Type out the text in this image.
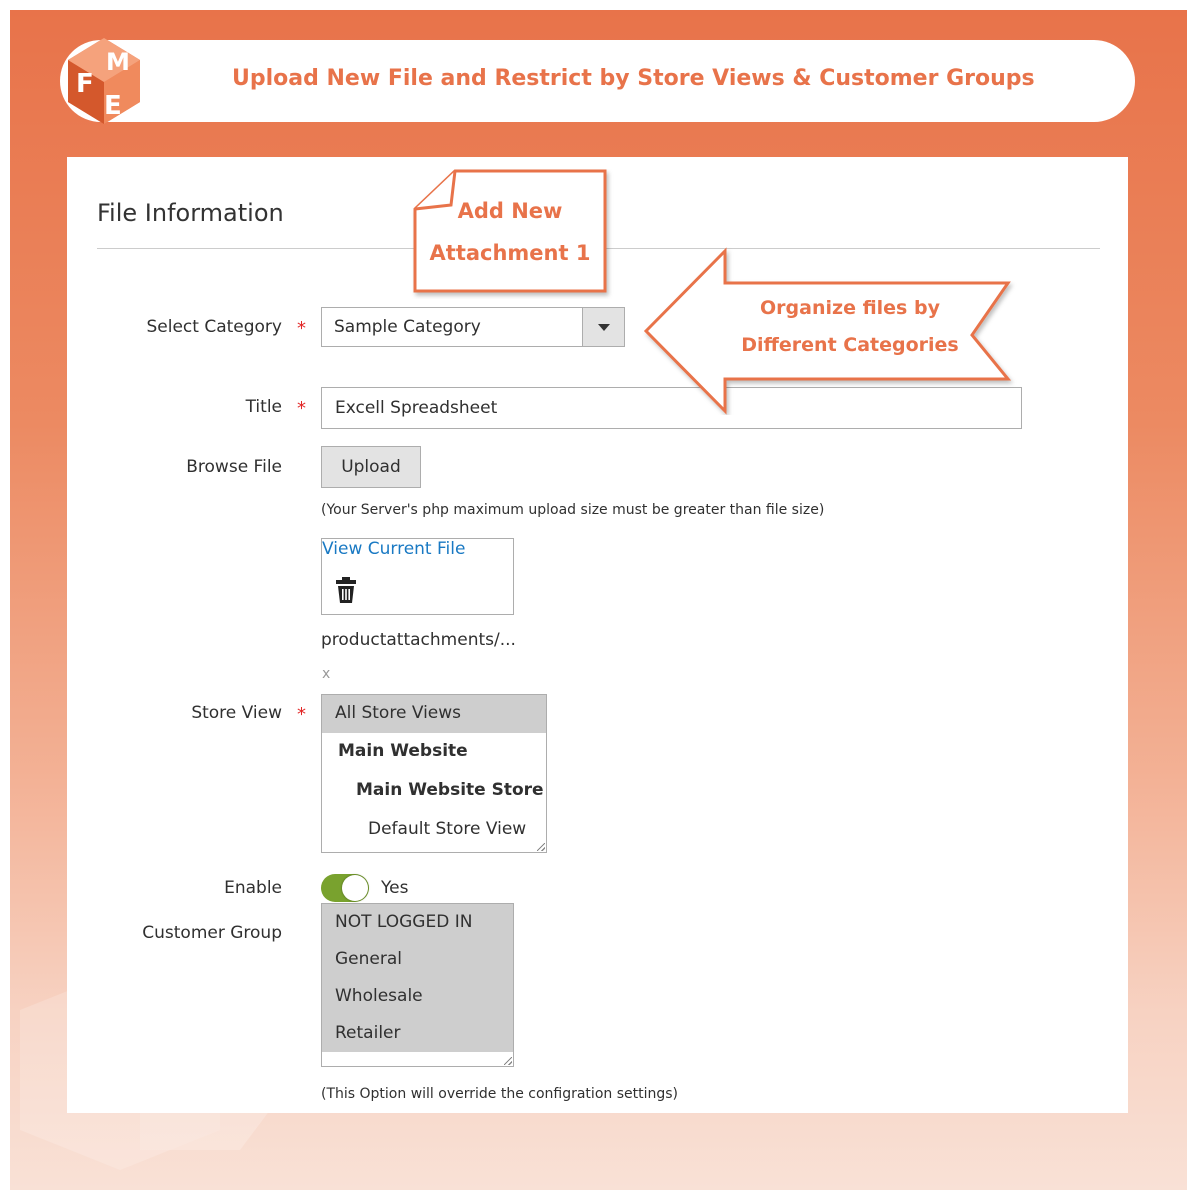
Upload New File and Restrict by Store Views & Customer Groups
F
M
E
File Information
Select Category * Sample Category
Title * Excell Spreadsheet
Browse File	Upload
(Your Server's php maximum upload size must be greater than file size)
View Current File
productattachments/...
x
Store View * All Store Views
Main Website
Main Website Store
Default Store View
Enable	Yes
Customer Group
NOT LOGGED IN
General
Wholesale
Retailer
(This Option will override the configration settings)
Add New
Attachment 1
Organize files by
Different Categories
